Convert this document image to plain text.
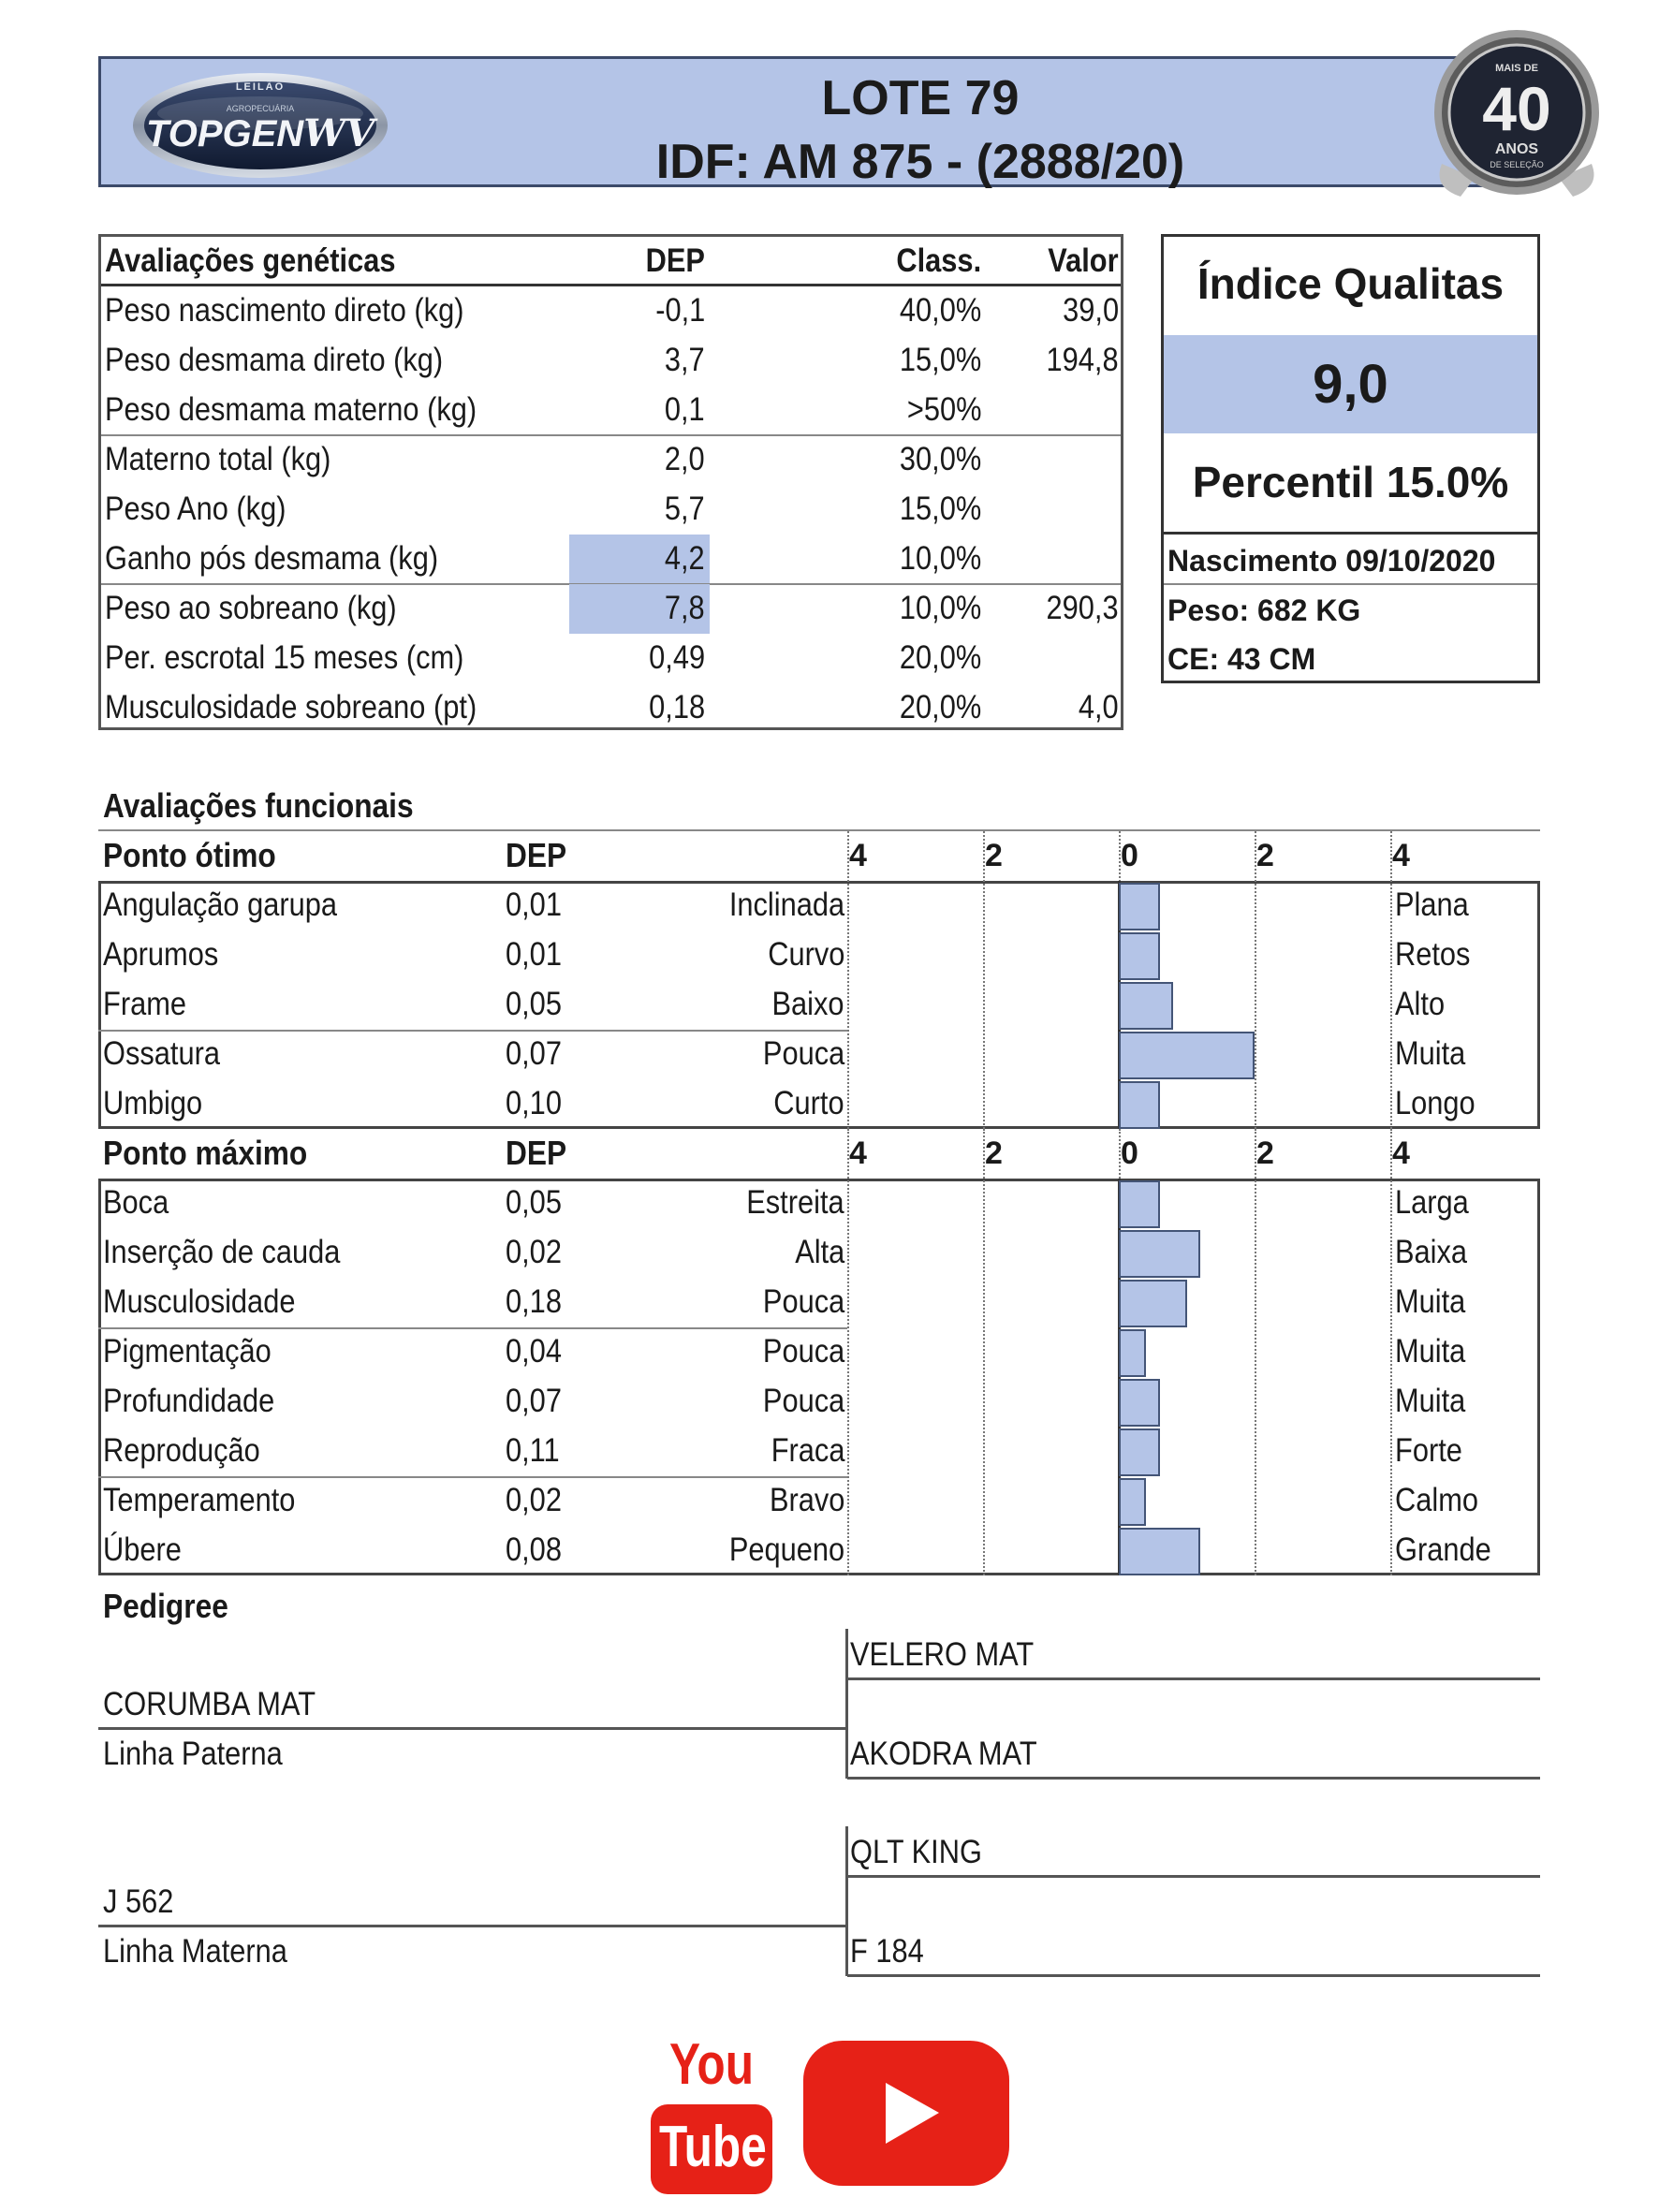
LEILÃO
AGROPECUÁRIA
TOPGENWV
LOTE 79
IDF: AM 875 - (2888/20)
MAIS DE
40
ANOS
DE SELEÇÃO
Avaliações genéticas	DEP	Class. Valor
Peso nascimento direto (kg)	-0,1	40,0% 39,0
Peso desmama direto (kg)	3,7	15,0% 194,8
Peso desmama materno (kg)	0,1	>50%
Materno total (kg)	2,0	30,0%
Peso Ano (kg)	5,7	15,0%
Ganho pós desmama (kg)	4,2	10,0%
Peso ao sobreano (kg)	7,8	10,0% 290,3
Per. escrotal 15 meses (cm)	0,49	20,0%
Musculosidade sobreano (pt)	0,18	20,0%	4,0
Índice Qualitas
9,0
Percentil 15.0%
Nascimento 09/10/2020
Peso: 682 KG
CE: 43 CM
Avaliações funcionais
Ponto ótimo	DEP	4	2	0	2	4
Angulação garupa	0,01	Inclinada	Plana
Aprumos	0,01	Curvo	Retos
Frame	0,05	Baixo	Alto
Ossatura	0,07	Pouca	Muita
Umbigo	0,10	Curto	Longo
Ponto máximo	DEP	4	2	0	2	4
Boca	0,05	Estreita	Larga
Inserção de cauda	0,02	Alta	Baixa
Musculosidade	0,18	Pouca	Muita
Pigmentação	0,04	Pouca	Muita
Profundidade	0,07	Pouca	Muita
Reprodução	0,11	Fraca	Forte
Temperamento	0,02	Bravo	Calmo
Úbere	0,08	Pequeno	Grande
Pedigree
VELERO MAT
CORUMBA MAT
Linha Paterna	AKODRA MAT
QLT KING
J 562
Linha Materna	F 184
You
Tube
